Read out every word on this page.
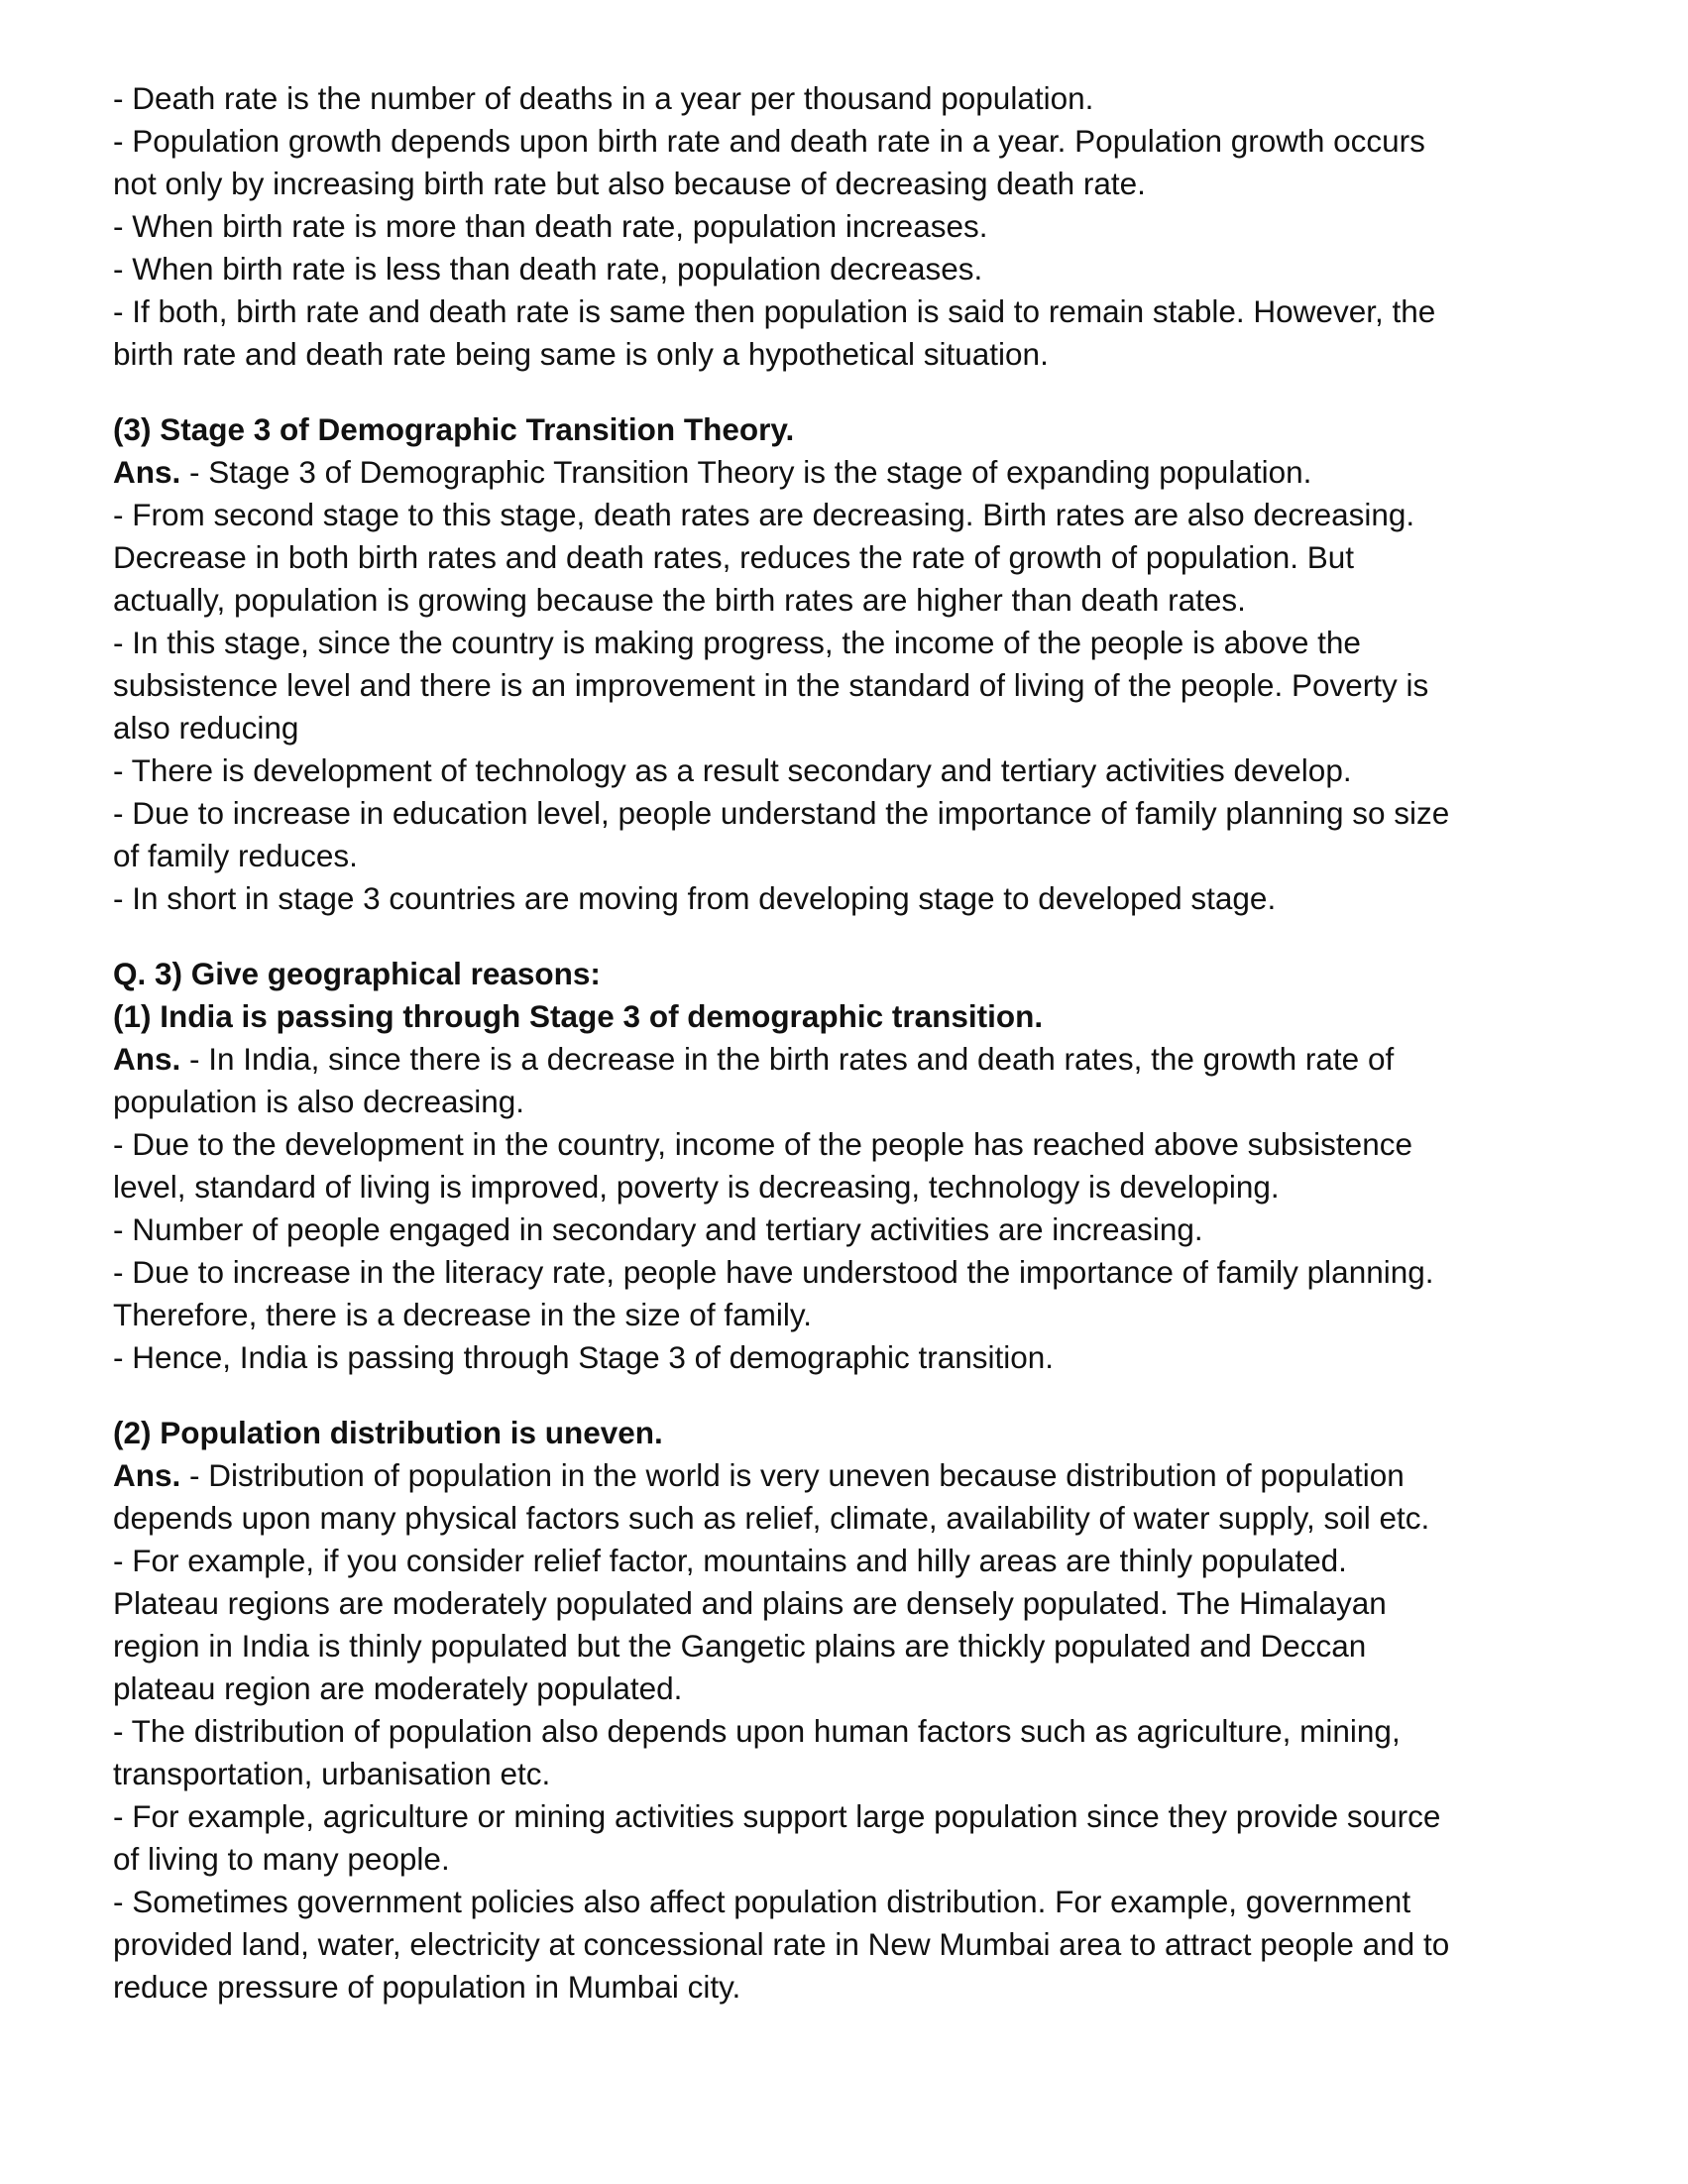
- Death rate is the number of deaths in a year per thousand population.
- Population growth depends upon birth rate and death rate in a year. Population growth occurs
not only by increasing birth rate but also because of decreasing death rate.
- When birth rate is more than death rate, population increases.
- When birth rate is less than death rate, population decreases.
- If both, birth rate and death rate is same then population is said to remain stable. However, the
birth rate and death rate being same is only a hypothetical situation.
(3) Stage 3 of Demographic Transition Theory.
Ans. - Stage 3 of Demographic Transition Theory is the stage of expanding population.
- From second stage to this stage, death rates are decreasing. Birth rates are also decreasing.
Decrease in both birth rates and death rates, reduces the rate of growth of population. But
actually, population is growing because the birth rates are higher than death rates.
- In this stage, since the country is making progress, the income of the people is above the
subsistence level and there is an improvement in the standard of living of the people. Poverty is
also reducing
- There is development of technology as a result secondary and tertiary activities develop.
- Due to increase in education level, people understand the importance of family planning so size
of family reduces.
- In short in stage 3 countries are moving from developing stage to developed stage.
Q. 3) Give geographical reasons:
(1) India is passing through Stage 3 of demographic transition.
Ans. - In India, since there is a decrease in the birth rates and death rates, the growth rate of
population is also decreasing.
- Due to the development in the country, income of the people has reached above subsistence
level, standard of living is improved, poverty is decreasing, technology is developing.
- Number of people engaged in secondary and tertiary activities are increasing.
- Due to increase in the literacy rate, people have understood the importance of family planning.
Therefore, there is a decrease in the size of family.
- Hence, India is passing through Stage 3 of demographic transition.
(2) Population distribution is uneven.
Ans. - Distribution of population in the world is very uneven because distribution of population
depends upon many physical factors such as relief, climate, availability of water supply, soil etc.
- For example, if you consider relief factor, mountains and hilly areas are thinly populated.
Plateau regions are moderately populated and plains are densely populated. The Himalayan
region in India is thinly populated but the Gangetic plains are thickly populated and Deccan
plateau region are moderately populated.
- The distribution of population also depends upon human factors such as agriculture, mining,
transportation, urbanisation etc.
- For example, agriculture or mining activities support large population since they provide source
of living to many people.
- Sometimes government policies also affect population distribution. For example, government
provided land, water, electricity at concessional rate in New Mumbai area to attract people and to
reduce pressure of population in Mumbai city.
